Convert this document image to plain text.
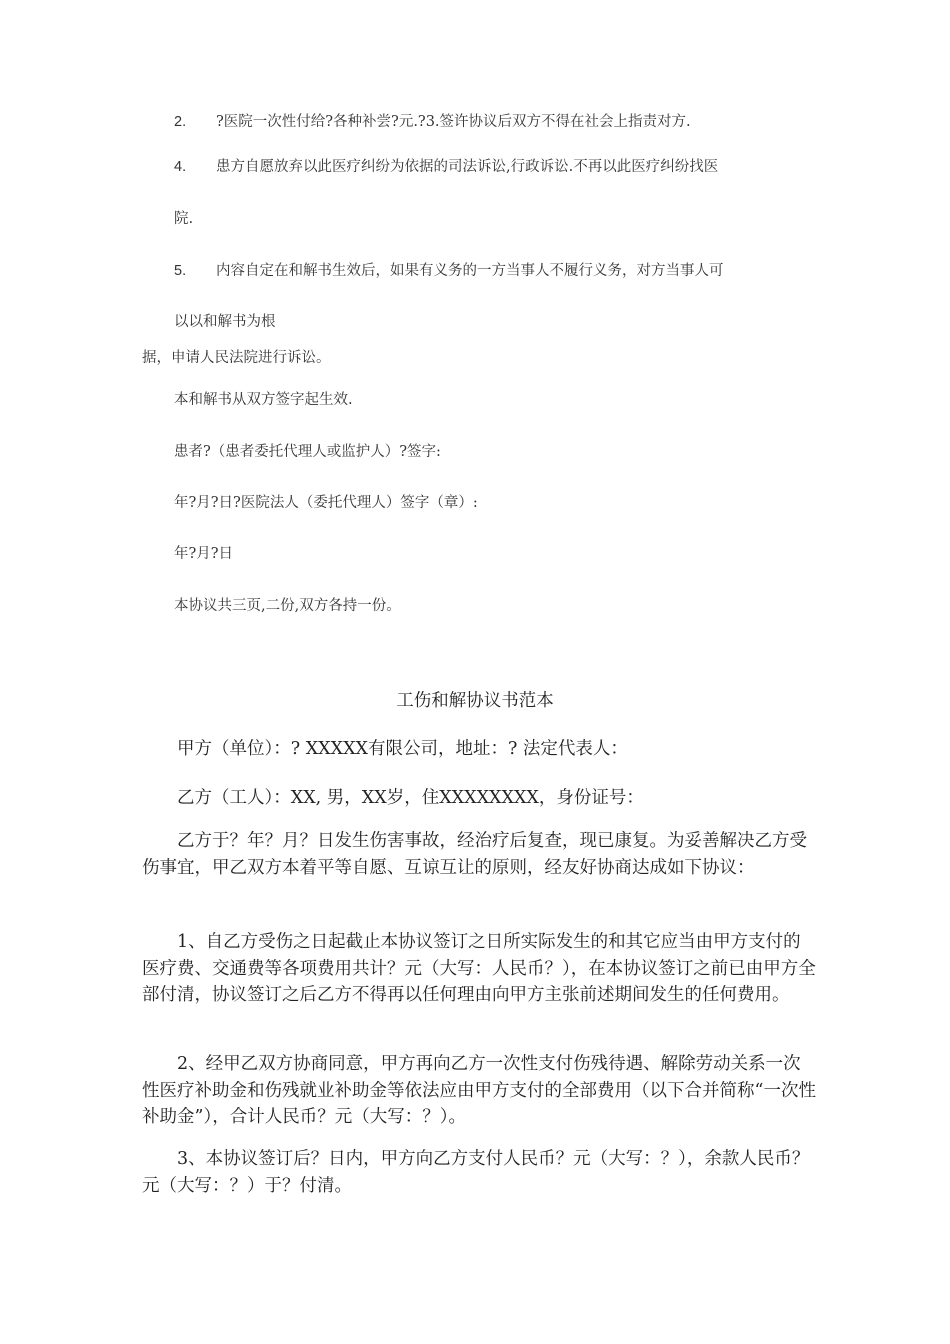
2. ?医院一次性付给?各种补尝?元.?3.签许协议后双方不得在社会上指责对方.
4. 患方自愿放弃以此医疗纠纷为依据的司法诉讼,行政诉讼.不再以此医疗纠纷找医
院.
5. 内容自定在和解书生效后，如果有义务的一方当事人不履行义务，对方当事人可
以以和解书为根
据，申请人民法院进行诉讼。
本和解书从双方签字起生效.
患者?（患者委托代理人或监护人）?签字:
年?月?日?医院法人（委托代理人）签字（章）:
年?月?日
本协议共三页,二份,双方各持一份。
工伤和解协议书范本
甲方（单位）：? XXXXX有限公司，地址：? 法定代表人：
乙方（工人）：XX, 男，XX岁，住XXXXXXXX，身份证号：
乙方于？年？月？日发生伤害事故，经治疗后复查，现已康复。为妥善解决乙方受伤事宜，甲乙双方本着平等自愿、互谅互让的原则，经友好协商达成如下协议：
1、自乙方受伤之日起截止本协议签订之日所实际发生的和其它应当由甲方支付的医疗费、交通费等各项费用共计？元（大写：人民币？），在本协议签订之前已由甲方全部付清，协议签订之后乙方不得再以任何理由向甲方主张前述期间发生的任何费用。
2、经甲乙双方协商同意，甲方再向乙方一次性支付伤残待遇、解除劳动关系一次性医疗补助金和伤残就业补助金等依法应由甲方支付的全部费用（以下合并简称“一次性补助金”），合计人民币？元（大写：？）。
3、本协议签订后？日内，甲方向乙方支付人民币？元（大写：？），余款人民币？元（大写：？）于？付清。
